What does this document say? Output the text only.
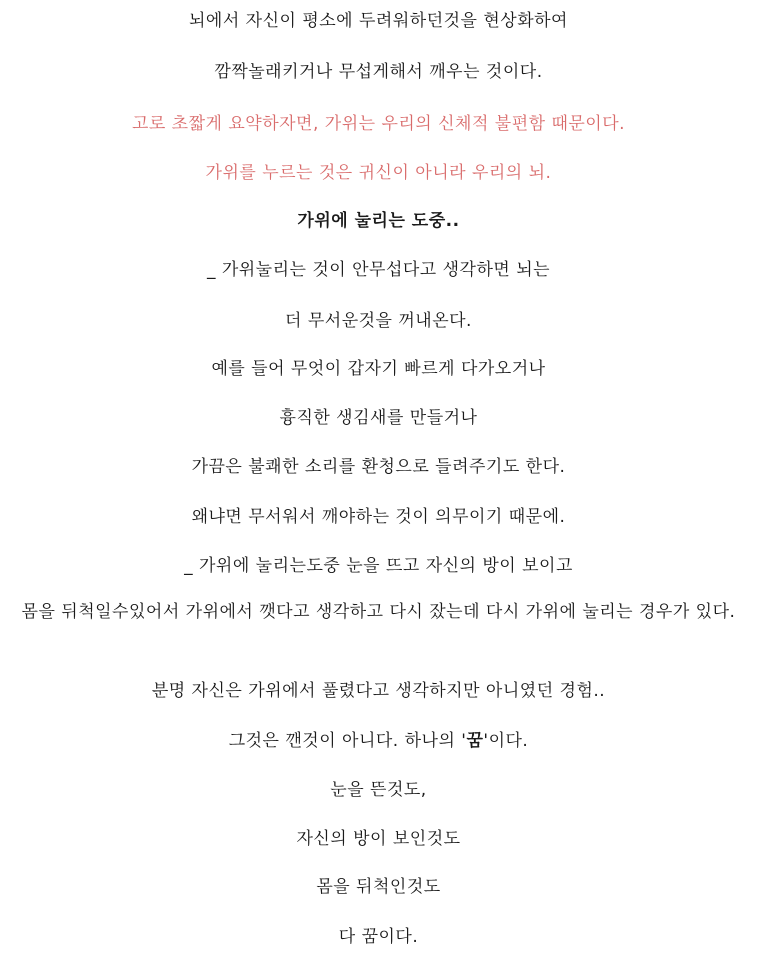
뇌에서 자신이 평소에 두려워하던것을 현상화하여
깜짝놀래키거나 무섭게해서 깨우는 것이다.
고로 초짧게 요약하자면, 가위는 우리의 신체적 불편함 때문이다.
가위를 누르는 것은 귀신이 아니라 우리의 뇌.
가위에 눌리는 도중..
_ 가위눌리는 것이 안무섭다고 생각하면 뇌는
더 무서운것을 꺼내온다.
예를 들어 무엇이 갑자기 빠르게 다가오거나
흉직한 생김새를 만들거나
가끔은 불쾌한 소리를 환청으로 들려주기도 한다.
왜냐면 무서워서 깨야하는 것이 의무이기 때문에.
_ 가위에 눌리는도중 눈을 뜨고 자신의 방이 보이고
몸을 뒤척일수있어서 가위에서 깻다고 생각하고 다시 잤는데 다시 가위에 눌리는 경우가 있다.
분명 자신은 가위에서 풀렸다고 생각하지만 아니였던 경험..
그것은 깬것이 아니다. 하나의 '꿈'이다.
눈을 뜬것도,
자신의 방이 보인것도
몸을 뒤척인것도
다 꿈이다.
